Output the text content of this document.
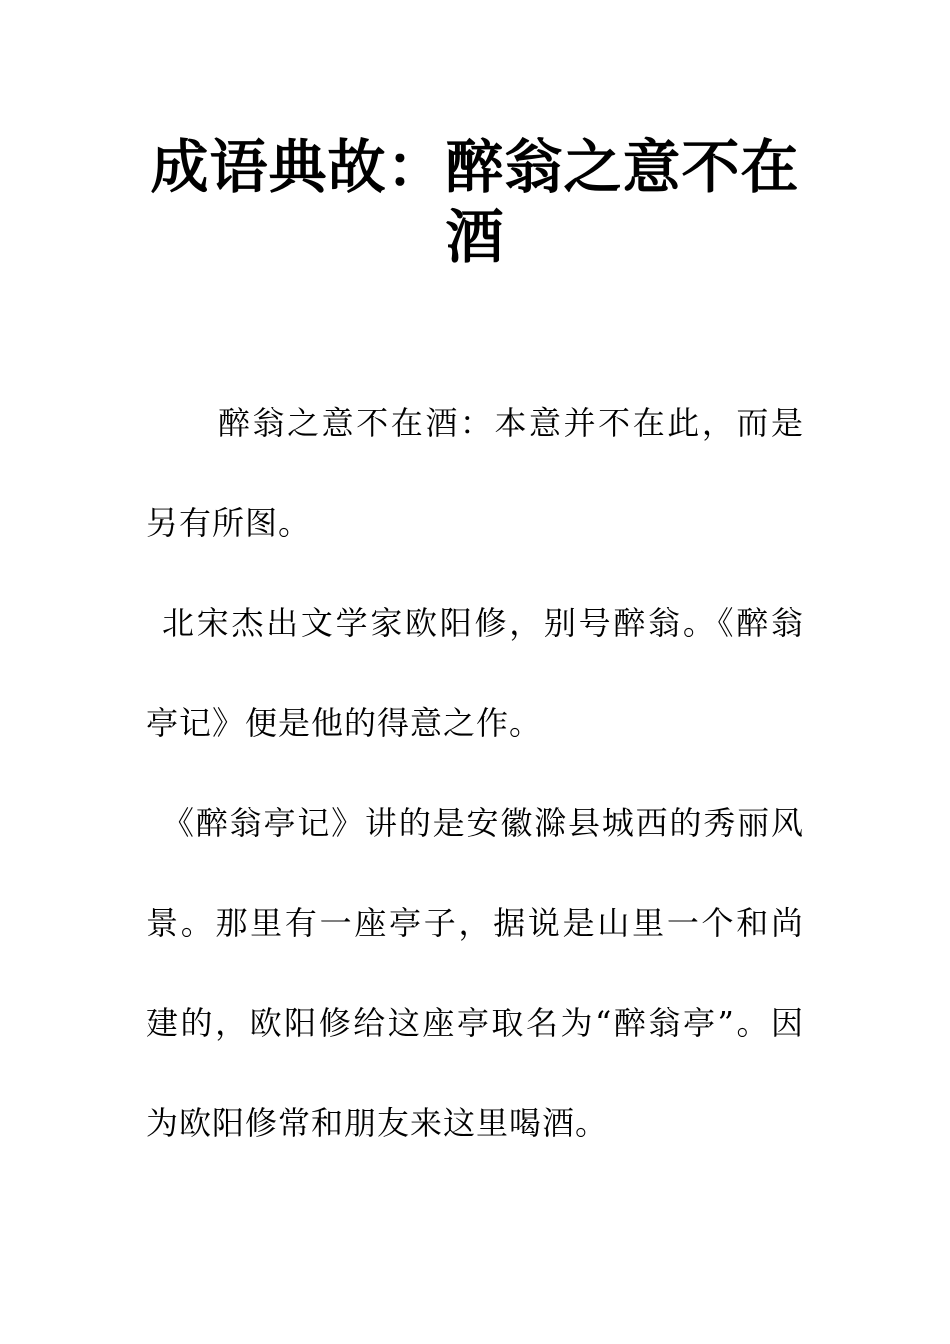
成语典故：醉翁之意不在酒

醉翁之意不在酒：本意并不在此，而是另有所图。

北宋杰出文学家欧阳修，别号醉翁。《醉翁亭记》便是他的得意之作。

《醉翁亭记》讲的是安徽滁县城西的秀丽风景。那里有一座亭子，据说是山里一个和尚建的，欧阳修给这座亭取名为“醉翁亭”。因为欧阳修常和朋友来这里喝酒。
